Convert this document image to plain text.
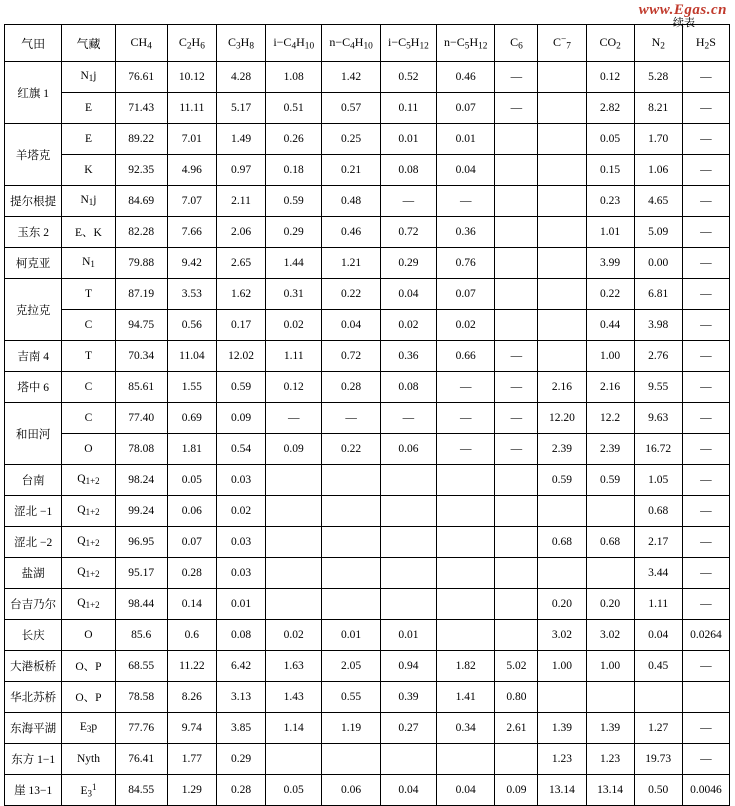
www.Egas.cn
续表
气田	气藏	$CH_4$	$C_2H_6$	$C_3H_8$	$i-C_4H_{10}$	$n-C_4H_{10}$	$i-C_5H_{12}$	$n-C_5H_{12}$	$C_6$	$C^-_7$	$CO_2$	$N_2$	$H_2S$
红旗 1	$N_1j$	76.61	10.12	4.28	1.08	1.42	0.52	0.46	—		0.12	5.28	—
	E	71.43	11.11	5.17	0.51	0.57	0.11	0.07	—		2.82	8.21	—
羊塔克	E	89.22	7.01	1.49	0.26	0.25	0.01	0.01			0.05	1.70	—
	K	92.35	4.96	0.97	0.18	0.21	0.08	0.04			0.15	1.06	—
提尔根提	$N_1j$	84.69	7.07	2.11	0.59	0.48	—	—			0.23	4.65	—
玉东 2	E、K	82.28	7.66	2.06	0.29	0.46	0.72	0.36			1.01	5.09	—
柯克亚	$N_1$	79.88	9.42	2.65	1.44	1.21	0.29	0.76			3.99	0.00	—
克拉克	T	87.19	3.53	1.62	0.31	0.22	0.04	0.07			0.22	6.81	—
	C	94.75	0.56	0.17	0.02	0.04	0.02	0.02			0.44	3.98	—
吉南 4	T	70.34	11.04	12.02	1.11	0.72	0.36	0.66	—		1.00	2.76	—
塔中 6	C	85.61	1.55	0.59	0.12	0.28	0.08	—	—	2.16	2.16	9.55	—
和田河	C	77.40	0.69	0.09	—	—	—	—	—	12.20	12.2	9.63	—
	O	78.08	1.81	0.54	0.09	0.22	0.06	—	—	2.39	2.39	16.72	—
台南	$Q_{1+2}$	98.24	0.05	0.03						0.59	0.59	1.05	—
涩北 −1	$Q_{1+2}$	99.24	0.06	0.02								0.68	—
涩北 −2	$Q_{1+2}$	96.95	0.07	0.03						0.68	0.68	2.17	—
盐湖	$Q_{1+2}$	95.17	0.28	0.03								3.44	—
台吉乃尔	$Q_{1+2}$	98.44	0.14	0.01						0.20	0.20	1.11	—
长庆	O	85.6	0.6	0.08	0.02	0.01	0.01			3.02	3.02	0.04	0.0264
大港板桥	O、P	68.55	11.22	6.42	1.63	2.05	0.94	1.82	5.02	1.00	1.00	0.45	—
华北苏桥	O、P	78.58	8.26	3.13	1.43	0.55	0.39	1.41	0.80				
东海平湖	$E_3p$	77.76	9.74	3.85	1.14	1.19	0.27	0.34	2.61	1.39	1.39	1.27	—
东方 1−1	Nyth	76.41	1.77	0.29						1.23	1.23	19.73	—
崖 13−1	$E_3^1$	84.55	1.29	0.28	0.05	0.06	0.04	0.04	0.09	13.14	13.14	0.50	0.0046
